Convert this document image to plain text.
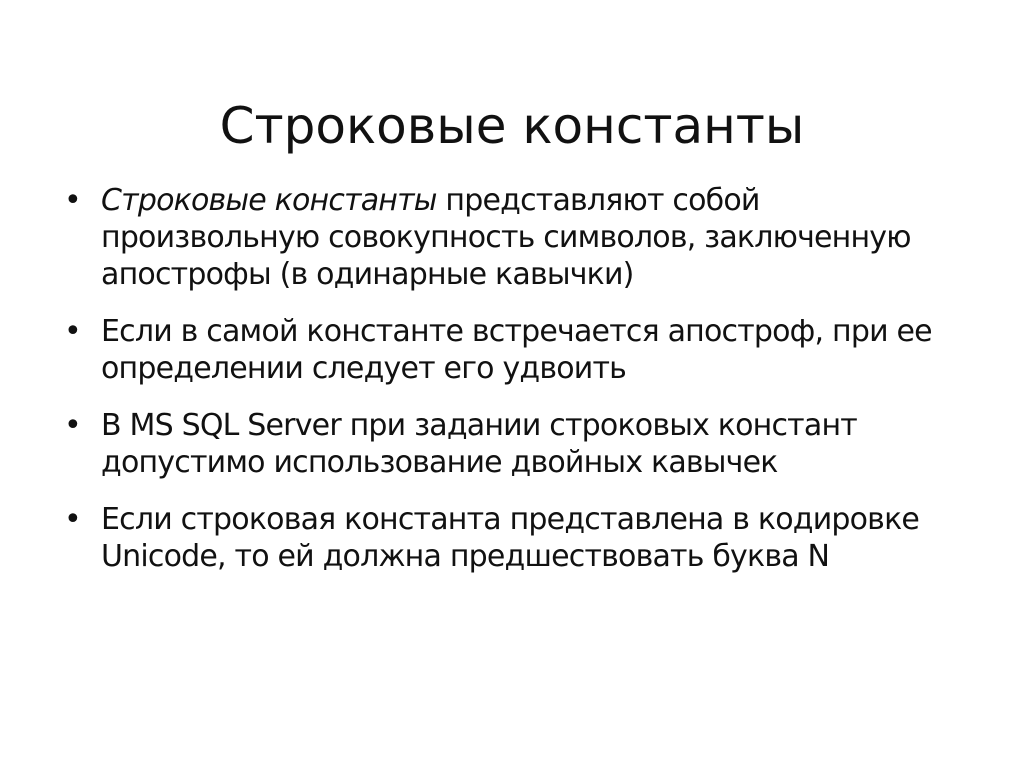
Строковые константы
• Строковые константы представляют собой произвольную совокупность символов, заключенную апострофы (в одинарные кавычки)
• Если в самой константе встречается апостроф, при ее определении следует его удвоить
• В MS SQL Server при задании строковых констант допустимо использование двойных кавычек
• Если строковая константа представлена в кодировке Unicode, то ей должна предшествовать буква N
